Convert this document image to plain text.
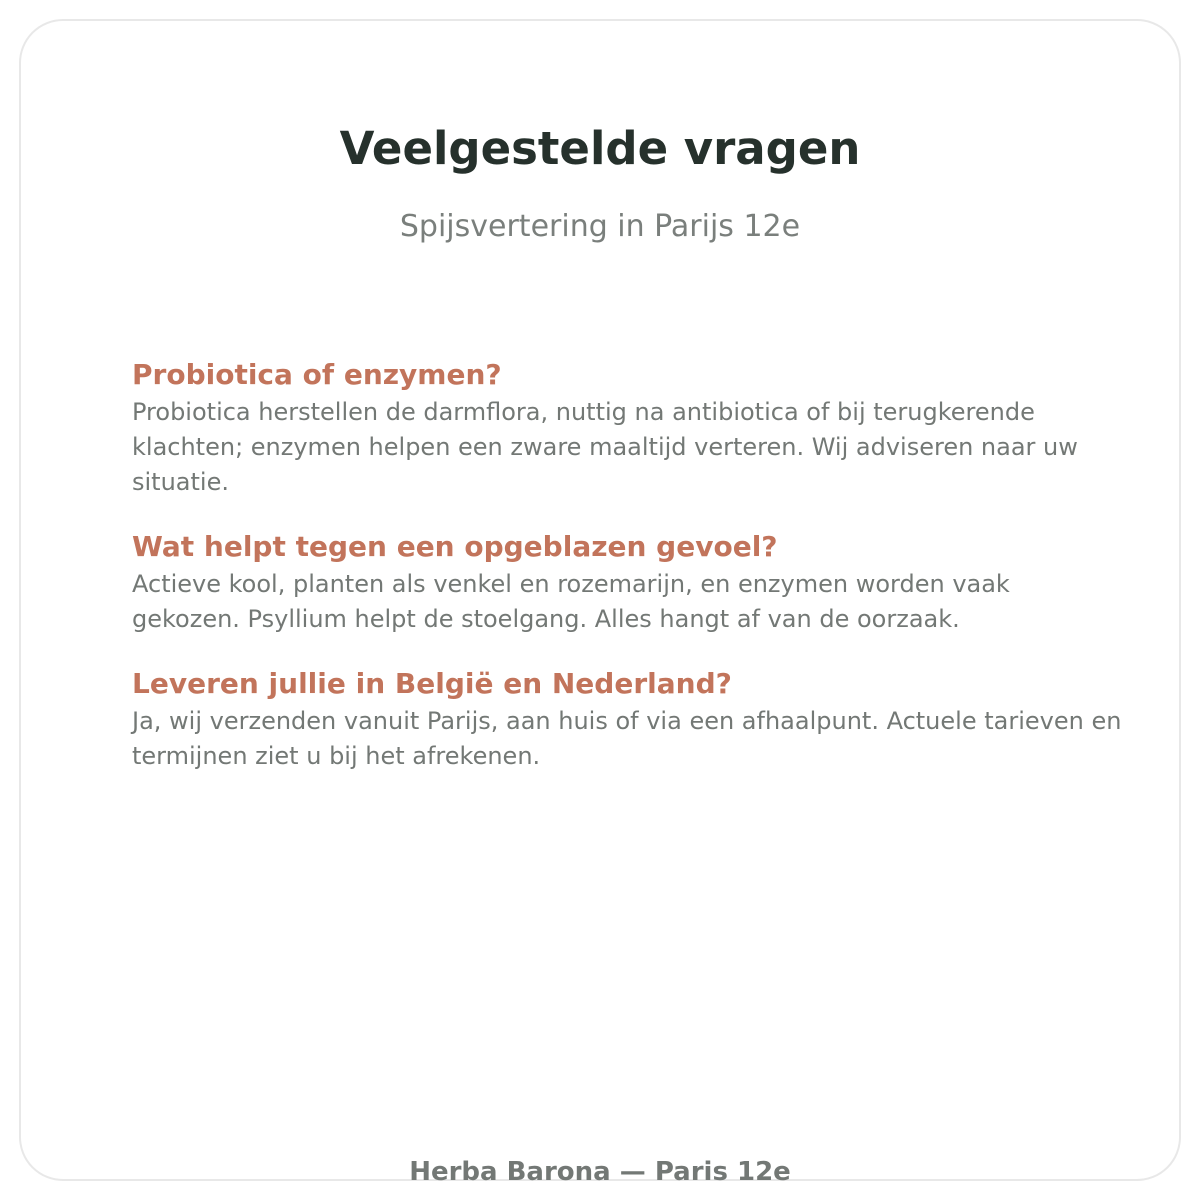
Veelgestelde vragen

Spijsvertering in Parijs 12e

Probiotica of enzymen?

Probiotica herstellen de darmflora, nuttig na antibiotica of bij terugkerende klachten; enzymen helpen een zware maaltijd verteren. Wij adviseren naar uw situatie.

Wat helpt tegen een opgeblazen gevoel?

Actieve kool, planten als venkel en rozemarijn, en enzymen worden vaak gekozen. Psyllium helpt de stoelgang. Alles hangt af van de oorzaak.

Leveren jullie in België en Nederland?

Ja, wij verzenden vanuit Parijs, aan huis of via een afhaalpunt. Actuele tarieven en termijnen ziet u bij het afrekenen.

Herba Barona — Paris 12e
